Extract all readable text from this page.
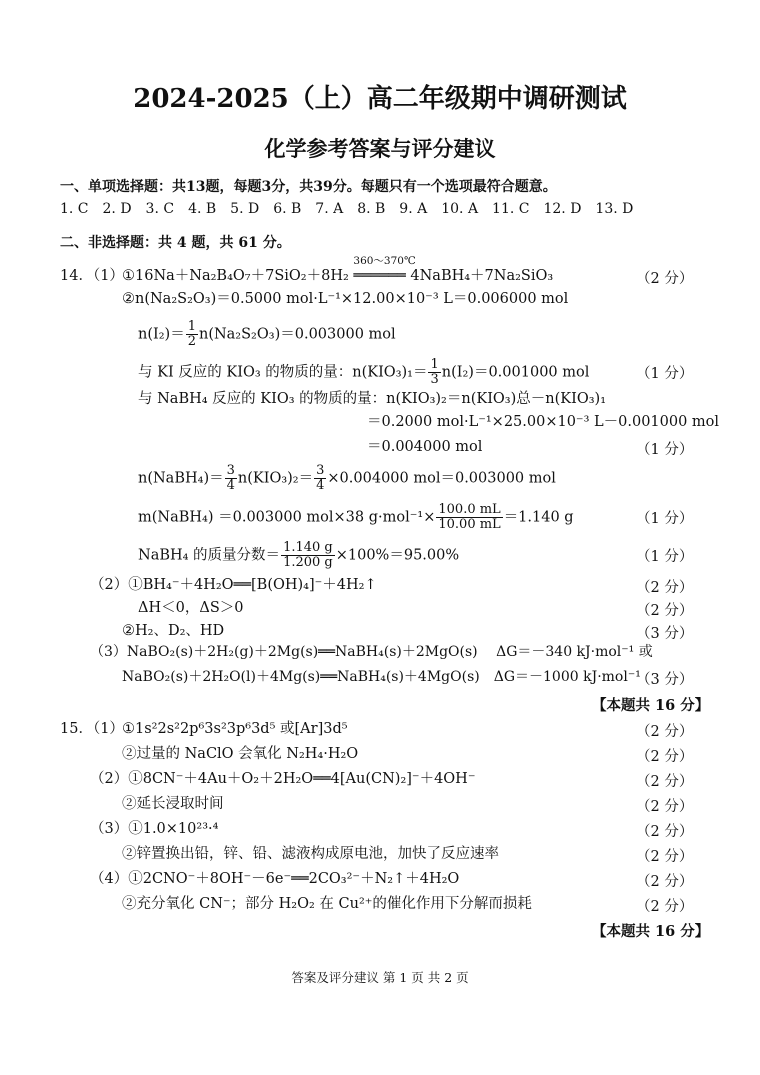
2024-2025（上）高二年级期中调研测试
化学参考答案与评分建议
一、单项选择题：共13题，每题3分，共39分。每题只有一个选项最符合题意。
1. C　2. D　3. C　4. B　5. D　6. B　7. A　8. B　9. A　10. A　11. C　12. D　13. D
二、非选择题：共 4 题，共 61 分。
14．（1）
①16Na＋Na₂B₄O₇＋7SiO₂＋8H₂
360～370℃
══════ 4NaBH₄＋7Na₂SiO₃	（2 分）
②n(Na₂S₂O₃)＝0.5000 mol·L⁻¹×12.00×10⁻³ L＝0.006000 mol
$n(I_2)= \frac{1}{2} n(Na_2S_2O_3)=0.003000$ mol
与 KI 反应的 KIO₃ 的物质的量：$n(KIO_3)_1= \frac{1}{3} n(I_2)=0.001000$ mol	（1 分）
与 NaBH₄ 反应的 KIO₃ 的物质的量：n(KIO₃)₂＝n(KIO₃)总－n(KIO₃)₁
＝0.2000 mol·L⁻¹×25.00×10⁻³ L－0.001000 mol
＝0.004000 mol	（1 分）
n(NaBH₄)＝ $\frac{3}{4} n(KIO_3)_2= \frac{3}{4} \times 0.004000$ mol＝0.003000 mol
m(NaBH₄) ＝0.003000 mol×38 $g\cdot mol^{-1}\times \frac{100.0 mL}{10.00 mL} =1.140$ g	（1 分）
NaBH₄ 的质量分数＝ $\frac{1.140 g}{1.200 g} \times 100\%=95.00\%$	（1 分）
（2）①BH₄⁻＋4H₂O══[B(OH)₄]⁻＋4H₂↑	（2 分）
ΔH＜0，ΔS＞0	（2 分）
②H₂、D₂、HD	（3 分）
（3）NaBO₂(s)＋2H₂(g)＋2Mg(s)══NaBH₄(s)＋2MgO(s)　 ΔG＝－340 kJ·mol⁻¹ 或
NaBO₂(s)＋2H₂O(l)＋4Mg(s)══NaBH₄(s)＋4MgO(s)　ΔG＝－1000 kJ·mol⁻¹
（3 分）
【本题共 16 分】
15．（1）
①1s²2s²2p⁶3s²3p⁶3d⁵ 或[Ar]3d⁵	（2 分）
②过量的 NaClO 会氧化 N₂H₄·H₂O	（2 分）
（2）①8CN⁻＋4Au＋O₂＋2H₂O══4[Au(CN)₂]⁻＋4OH⁻	（2 分）
②延长浸取时间	（2 分）
（3）①1.0×10²³·⁴	（2 分）
②锌置换出铅，锌、铅、滤液构成原电池，加快了反应速率	（2 分）
（4）①2CNO⁻＋8OH⁻－6e⁻══2CO₃²⁻＋N₂↑＋4H₂O	（2 分）
②充分氧化 CN⁻；部分 H₂O₂ 在 Cu²⁺的催化作用下分解而损耗	（2 分）
【本题共 16 分】
答案及评分建议 第 1 页 共 2 页
